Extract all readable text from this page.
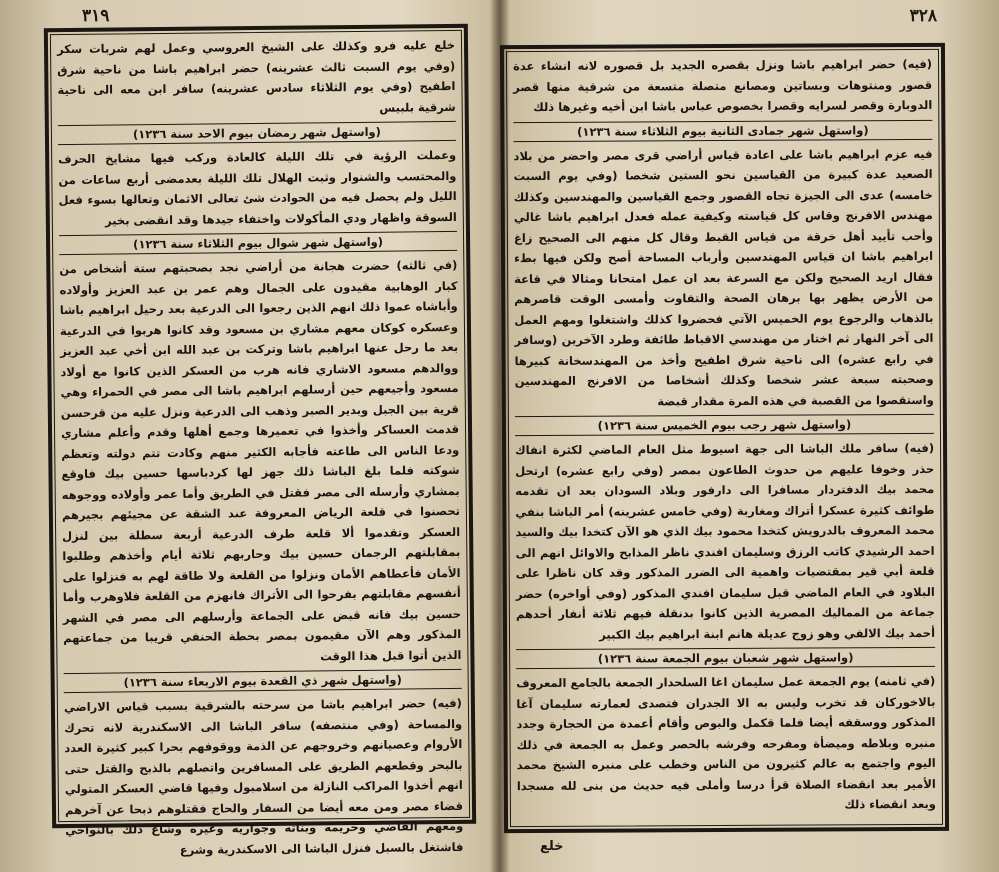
٣١٩

خلع عليه فرو وكذلك على الشيخ العروسي وعمل لهم شربات سكر (وفي يوم السبت ثالث عشرينه) حضر ابراهيم باشا من ناحية شرق اطفيح (وفي يوم الثلاثاء سادس عشرينه) سافر ابن معه الى ناحية شرقية بلبيس

(واستهل شهر رمضان بيوم الاحد سنة ١٢٣٦)

وعملت الرؤية في تلك الليلة كالعادة وركب فيها مشايخ الحرف والمحتسب والشنوار وثبت الهلال تلك الليلة بعدمضى أربع ساعات من الليل ولم يحصل فيه من الحوادث شئ تعالى الاثمان وتعالها بسوء فعل السوقة واظهار ودي المأكولات واختفاء جيدها وقد انقضى بخير

(واستهل شهر شوال بيوم الثلاثاء سنة ١٢٣٦)

(في ثالثه) حضرت هجانة من أراضي نجد بصحبتهم ستة أشخاص من كبار الوهابية مقيدون على الجمال وهم عمر بن عبد العزيز وأولاده وأباشاه عموا ذلك انهم الذين رجعوا الى الدرعية بعد رحيل ابراهيم باشا وعسكره كوكان معهم مشاري بن مسعود وقد كانوا هربوا في الدرعية بعد ما رحل عنها ابراهيم باشا وتركت بن عبد الله ابن أخي عبد العزيز ووالدهم مسعود الاشاري فانه هرب من العسكر الذين كانوا مع أولاد مسعود وأجيعهم حين أرسلهم ابراهيم باشا الى مصر في الحمراء وهي قرية بين الجبل وبدير الصبر وذهب الى الدرعية ونزل عليه من قرحسن قدمت العساكر وأخذوا في تعميرها وجمع أهلها وقدم وأعلم مشاري ودعا الناس الى طاعته فأجابه الكثير منهم وكادت تتم دولته وتعظم شوكته فلما بلغ الباشا ذلك جهز لها كردباسها حسين بيك فاوقع بمشاري وأرسله الى مصر فقتل في الطريق وأما عمر وأولاده ووجوهه تحصنوا في قلعة الرياض المعروفة عند الشقة عن مجيئهم بجيرهم العسكر وتقدموا ألا قلعة طرف الدرعية أربعة سطلة بين لنزل بمقابلتهم الرجمان حسين بيك وحاربهم ثلاثة أيام وأخذهم وطلبوا الأمان فأعطاهم الأمان ونزلوا من القلعة ولا طاقة لهم به فنزلوا على أنفسهم مقابلتهم بفرحوا الى الأتراك فانهزم من القلعة فلاوهرب وأما حسين بيك فانه قبض على الجماعة وأرسلهم الى مصر في الشهر المذكور وهم الآن مقيمون بمصر بحطة الحنفي قريبا من جماعتهم الذين أتوا قبل هذا الوقت

(واستهل شهر ذي القعدة بيوم الاربعاء سنة ١٢٣٦)

(فيه) حضر ابراهيم باشا من سرحته بالشرقية بسبب قياس الاراضي والمساحة (وفي منتصفه) سافر الباشا الى الاسكندرية لانه تحرك الأروام وعصيانهم وخروجهم عن الذمة ووقوفهم بحرا كبير كثيرة العدد بالبحر وقطعهم الطريق على المسافرين واتصلهم بالذبح والقتل حتى انهم أخذوا المراكب النازلة من اسلامبول وفيها قاضي العسكر المتولي قضاء مصر ومن معه أيضا من السفار والحاج فقتلوهم ذبحا عن آخرهم ومعهم القاضي وحريمه وبناته وجواريه وغيره وشاع ذلك بالنواحي فاشتغل بالسبل فنزل الباشا الى الاسكندرية وشرع

٣٢٨

(فيه) حضر ابراهيم باشا ونزل بقصره الجديد بل قصوره لانه انشاء عدة قصور ومنتوهات وبساتين ومصانع متصلة متسعة من شرقية منها قصر الدوبارة وقصر لسرايه وقصرا بخصوص عباس باشا ابن أخيه وغيرها ذلك

(واستهل شهر جمادى الثانية بيوم الثلاثاء سنة ١٢٣٦)

فيه عزم ابراهيم باشا على اعادة قياس أراضي قرى مصر واحضر من بلاد الصعيد عدة كبيرة من القياسين نحو الستين شخصا (وفي يوم السبت خامسه) عدى الى الجيزة تجاه القصور وجمع القياسين والمهندسين وكذلك مهندس الافرنج وقاس كل قياسته وكيفية عمله فعدل ابراهيم باشا غالي وأحب تأييد أهل خرقة من قياس القبط وقال كل منهم الى الصحيح زاغ ابراهيم باشا ان قياس المهندسين وأرباب المساحة أصح ولكن فيها بطء فقال اريد الصحيح ولكن مع السرعة بعد ان عمل امتحانا ومثالا في قاعة من الأرض يظهر بها برهان الصحة والتفاوت وأمسى الوقت قاصرهم بالذهاب والرجوع يوم الخميس الآتي فحضروا كذلك واشتغلوا ومهم العمل الى آخر النهار ثم اختار من مهندسي الاقباط طائفة وطرد الآخرين (وسافر في رابع عشره) الى ناحية شرق اطفيح وأخذ من المهندسخانة كبيرها وصحبته سبعة عشر شخصا وكذلك أشخاصا من الافرنج المهندسين واستقصوا من القصبة في هذه المرة مقدار قبضة

(واستهل شهر رجب بيوم الخميس سنة ١٢٣٦)

(فيه) سافر ملك الباشا الى جهة اسيوط مثل العام الماضي لكثرة انفاك حذر وخوفا عليهم من حدوث الطاعون بمصر (وفي رابع عشره) ارتحل محمد بيك الدفتردار مسافرا الى دارفور وبلاد السودان بعد ان تقدمه طوائف كثيرة عسكرا أتراك ومغاربة (وفي خامس عشرينه) أمر الباشا بنفي محمد المعروف بالدرويش كتخدا محمود بيك الذي هو الآن كتخدا بيك والسيد احمد الرشيدي كاتب الرزق وسليمان افندي ناظر المذابح والاوائل انهم الى قلعة أبي قير بمقتضيات واهمية الى الضرر المذكور وقد كان ناظرا على البلاود في العام الماضي قبل سليمان افندي المذكور (وفي أواخره) حضر جماعة من المماليك المصرية الذين كانوا بدنقلة فيهم ثلاثة أنفار أحدهم أحمد بيك الالفي وهو زوج عديلة هانم ابنة ابراهيم بيك الكبير

(واستهل شهر شعبان بيوم الجمعة سنة ١٢٣٦)

(في ثامنه) يوم الجمعة عمل سليمان اغا السلحدار الجمعة بالجامع المعروف بالاخوركان قد تخرب وليس به الا الجدران فتصدى لعمارته سليمان آغا المذكور ووسقفه أيضا فلما قكمل والبوص وأقام أعمدة من الحجارة وجدد منبره وبلاطه وميضأة ومفرحه وفرشه بالحصر وعمل به الجمعة في ذلك اليوم واجتمع به عالم كثيرون من الناس وخطب على منبره الشيخ محمد الأمير بعد انقضاء الصلاة قرأ درسا وأملى فيه حديث من بنى لله مسجدا وبعد انقضاء ذلك

خلع
